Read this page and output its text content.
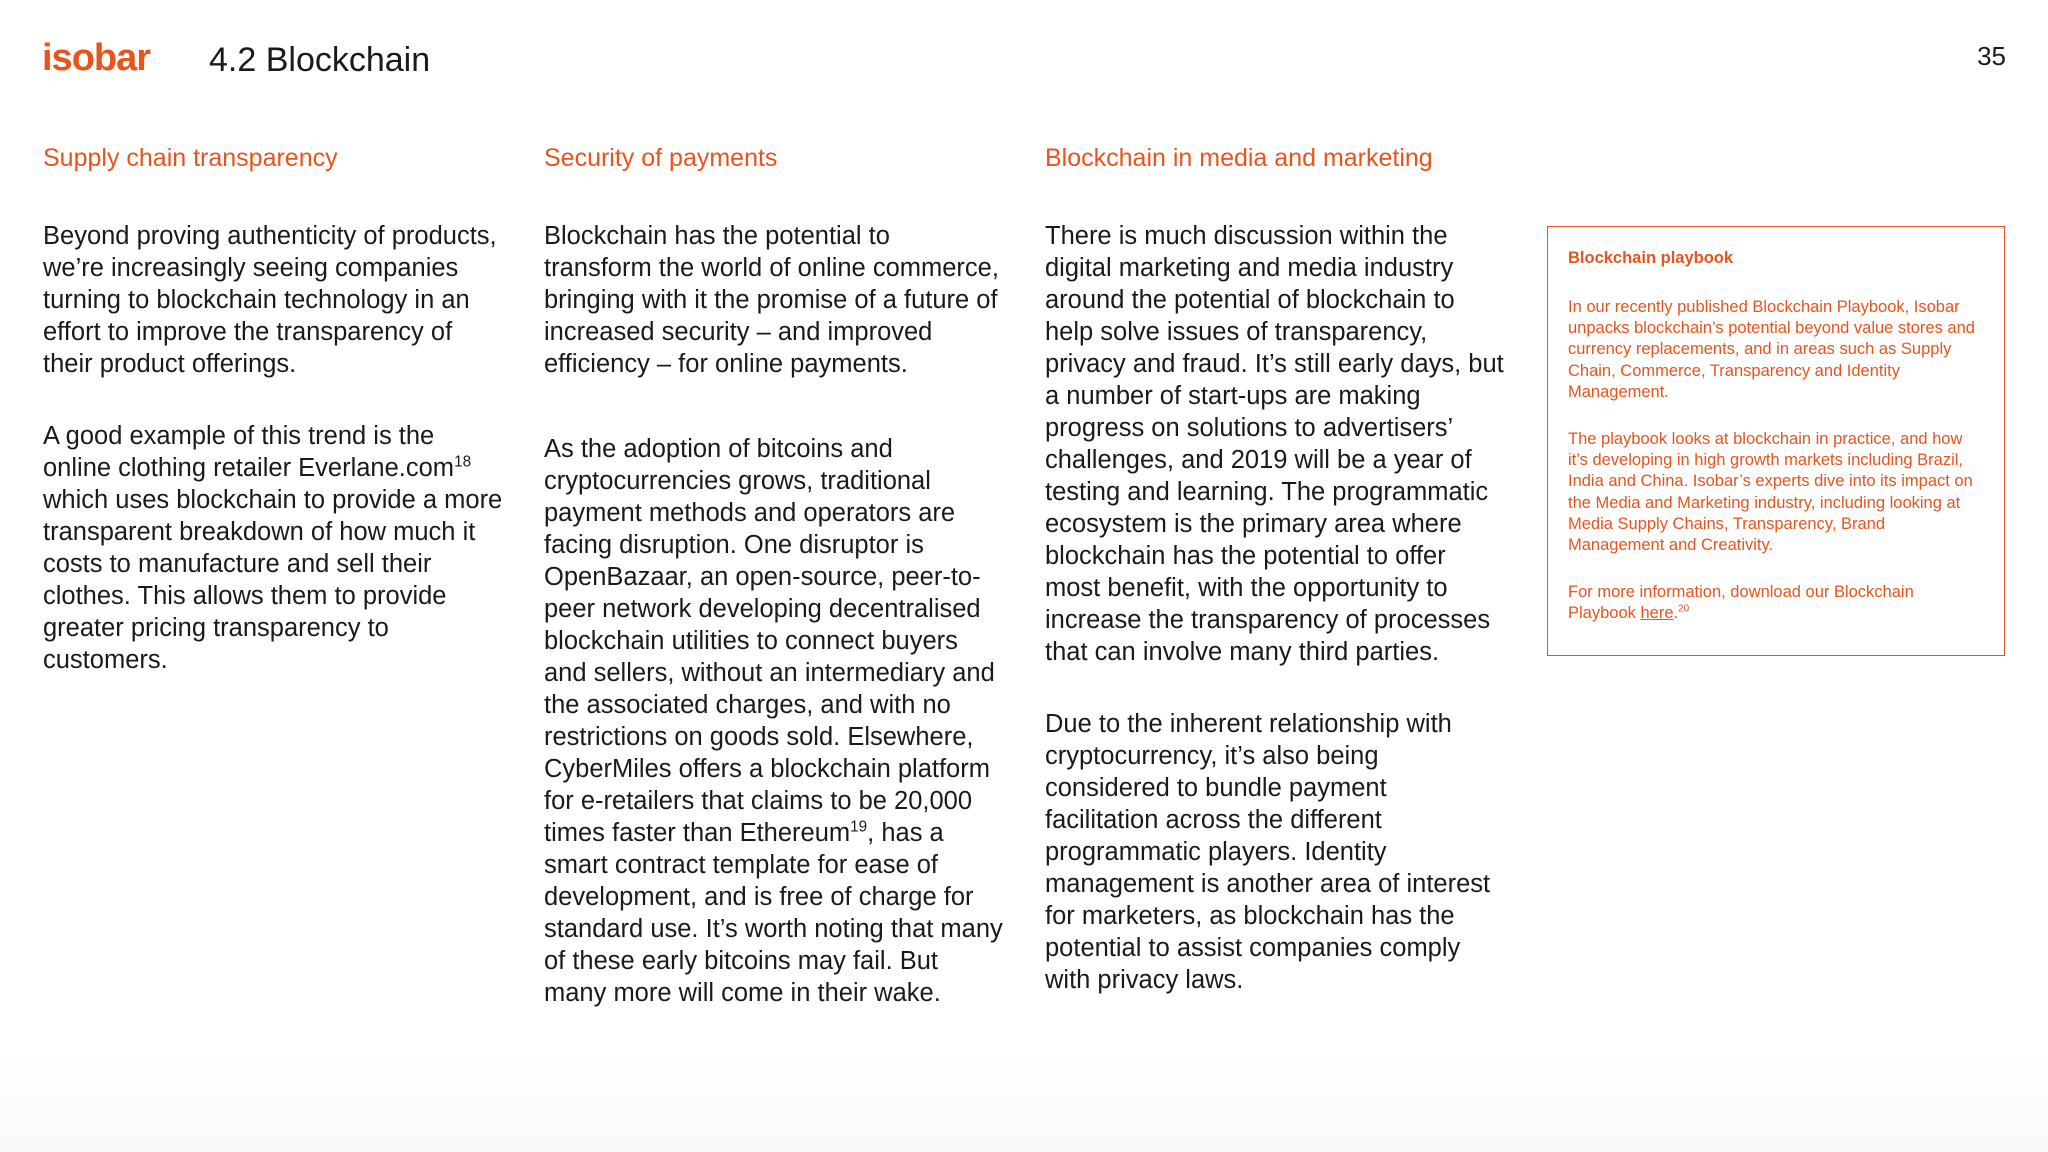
isobar 4.2 Blockchain	35
Supply chain transparency

Beyond proving authenticity of products, we’re increasingly seeing companies turning to blockchain technology in an effort to improve the transparency of their product offerings.

A good example of this trend is the online clothing retailer Everlane.com$^{18}$ which uses blockchain to provide a more transparent breakdown of how much it costs to manufacture and sell their clothes. This allows them to provide greater pricing transparency to customers.

Security of payments

Blockchain has the potential to transform the world of online commerce, bringing with it the promise of a future of increased security – and improved efficiency – for online payments.

As the adoption of bitcoins and cryptocurrencies grows, traditional payment methods and operators are facing disruption. One disruptor is OpenBazaar, an open-source, peer-to-peer network developing decentralised blockchain utilities to connect buyers and sellers, without an intermediary and the associated charges, and with no restrictions on goods sold. Elsewhere, CyberMiles offers a blockchain platform for e-retailers that claims to be 20,000 times faster than Ethereum$^{19}$, has a smart contract template for ease of development, and is free of charge for standard use. It’s worth noting that many of these early bitcoins may fail. But many more will come in their wake.

Blockchain in media and marketing

There is much discussion within the digital marketing and media industry around the potential of blockchain to help solve issues of transparency, privacy and fraud. It’s still early days, but a number of start-ups are making progress on solutions to advertisers’ challenges, and 2019 will be a year of testing and learning. The programmatic ecosystem is the primary area where blockchain has the potential to offer most benefit, with the opportunity to increase the transparency of processes that can involve many third parties.

Due to the inherent relationship with cryptocurrency, it’s also being considered to bundle payment facilitation across the different programmatic players. Identity management is another area of interest for marketers, as blockchain has the potential to assist companies comply with privacy laws.

Blockchain playbook

In our recently published Blockchain Playbook, Isobar unpacks blockchain’s potential beyond value stores and currency replacements, and in areas such as Supply Chain, Commerce, Transparency and Identity Management.

The playbook looks at blockchain in practice, and how it’s developing in high growth markets including Brazil, India and China. Isobar’s experts dive into its impact on the Media and Marketing industry, including looking at Media Supply Chains, Transparency, Brand Management and Creativity.

For more information, download our Blockchain Playbook here.$^{20}$
